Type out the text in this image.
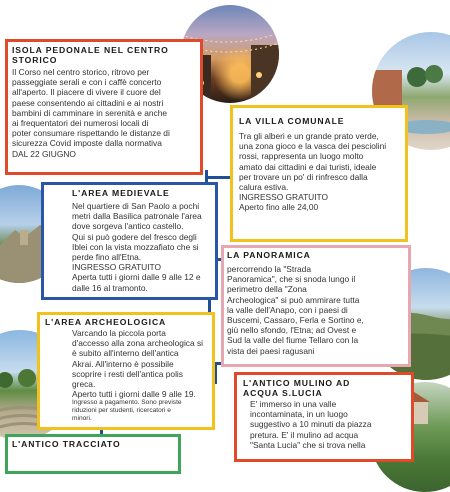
ISOLA PEDONALE NEL CENTRO
STORICO
Il Corso nel centro storico, ritrovo per
passeggiate serali e con i caffè concerto
all'aperto. Il piacere di vivere il cuore del
paese consentendo ai cittadini e ai nostri
bambini di camminare in serenità e anche
ai frequentatori dei numerosi locali di
poter consumare rispettando le distanze di
sicurezza Covid imposte dalla normativa
DAL 22 GIUGNO
LA VILLA COMUNALE
Tra gli alberi e un grande prato verde,
una zona gioco e la vasca dei pesciolini
rossi, rappresenta un luogo molto
amato dai cittadini e dai turisti, ideale
per trovare un po' di rinfresco dalla
calura estiva.
INGRESSO GRATUITO
Aperto fino alle 24,00
L'AREA MEDIEVALE
Nel quartiere di San Paolo a pochi
metri dalla Basilica patronale l'area
dove sorgeva l'antico castello.
Qui si può godere del fresco degli
Iblei con la vista mozzafiato che si
perde fino all'Etna.
INGRESSO GRATUITO
Aperta tutti i giorni dalle 9 alle 12 e
dalle 16 al tramonto.
LA PANORAMICA
percorrendo la "Strada
Panoramica", che si snoda lungo il
perimetro della "Zona
Archeologica" si può ammirare tutta
la valle dell'Anapo, con i paesi di
Buscemi, Cassaro, Ferla e Sortino e,
giù nello sfondo, l'Etna; ad Ovest e
Sud la valle del fiume Tellaro con la
vista dei paesi ragusani
L'AREA ARCHEOLOGICA
Varcando la piccola porta
d'accesso alla zona archeologica si
è subito all'interno dell'antica
Akrai. All'interno è possibile
scoprire i resti dell'antica polis
greca.
Aperto tutti i giorni dalle 9 alle 19.
Ingresso a pagamento. Sono previste
riduzioni per studenti, ricercatori e
minori.
L'ANTICO MULINO AD
ACQUA S.LUCIA
E' immerso in una valle
incontaminata, in un luogo
suggestivo a 10 minuti da piazza
pretura. E' il mulino ad acqua
"Santa Lucia" che si trova nella
L'ANTICO TRACCIATO
